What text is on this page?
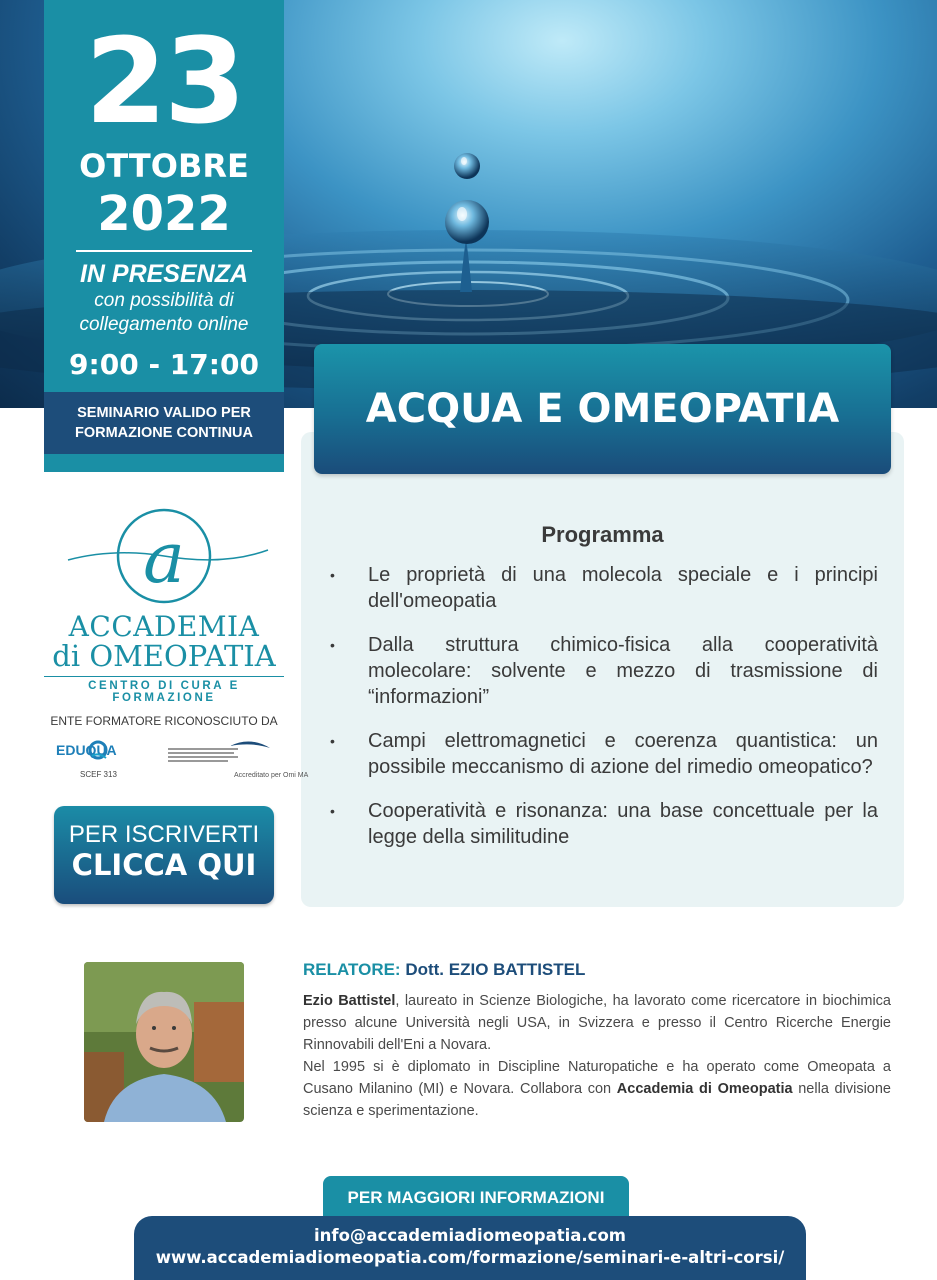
23
OTTOBRE
2022
IN PRESENZA
con possibilità di
collegamento online
9:00 - 17:00
SEMINARIO VALIDO PER
FORMAZIONE CONTINUA
ACQUA E OMEOPATIA
Programma
• Le proprietà di una molecola speciale e i principi dell'omeopatia
• Dalla struttura chimico-fisica alla cooperatività molecolare: solvente e mezzo di trasmissione di “informazioni”
• Campi elettromagnetici e coerenza quantistica: un possibile meccanismo di azione del rimedio omeopatico?
• Cooperatività e risonanza: una base concettuale per la legge della similitudine
a
ACCADEMIA
di OMEOPATIA
CENTRO DI CURA E FORMAZIONE
ENTE FORMATORE RICONOSCIUTO DA
EDUQUA
SCEF 313	Accreditato per Omi MA
PER ISCRIVERTI
CLICCA QUI
RELATORE: Dott. EZIO BATTISTEL

Ezio Battistel, laureato in Scienze Biologiche, ha lavorato come ricercatore in biochimica presso alcune Università negli USA, in Svizzera e presso il Centro Ricerche Energie Rinnovabili dell'Eni a Novara.

Nel 1995 si è diplomato in Discipline Naturopatiche e ha operato come Omeopata a Cusano Milanino (MI) e Novara. Collabora con Accademia di Omeopatia nella divisione scienza e sperimentazione.

PER MAGGIORI INFORMAZIONI
info@accademiadiomeopatia.com
www.accademiadiomeopatia.com/formazione/seminari-e-altri-corsi/
